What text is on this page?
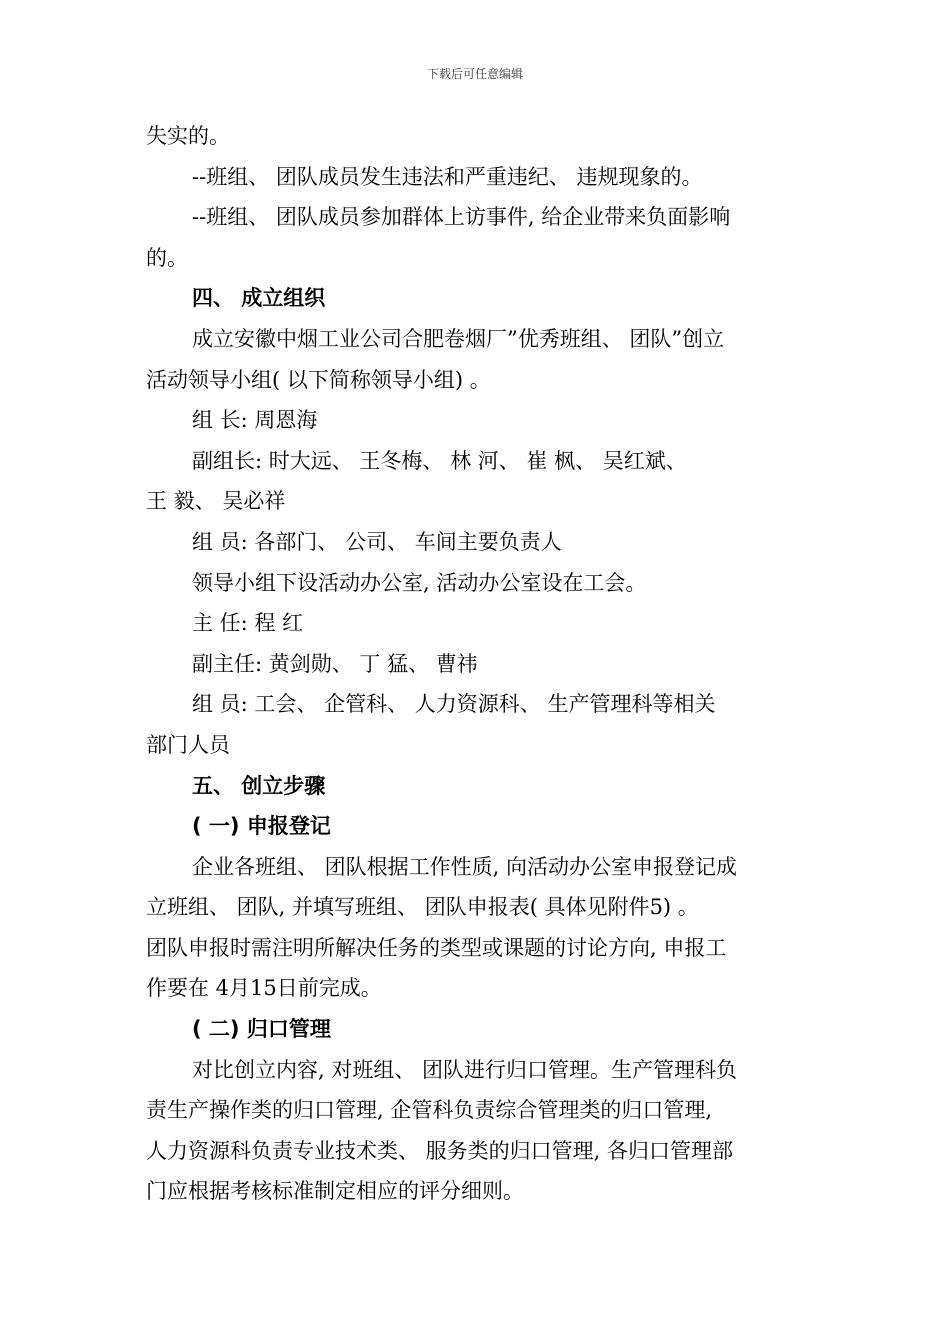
下载后可任意编辑
失实的。
--班组、 团队成员发生违法和严重违纪、 违规现象的。
--班组、 团队成员参加群体上访事件, 给企业带来负面影响
的。
四、 成立组织
成立安徽中烟工业公司合肥卷烟厂”优秀班组、 团队”创立
活动领导小组( 以下简称领导小组) 。
组 长: 周恩海
副组长: 时大远、 王冬梅、 林 河、 崔 枫、 吴红斌、
王 毅、 吴必祥
组 员: 各部门、 公司、 车间主要负责人
领导小组下设活动办公室, 活动办公室设在工会。
主 任: 程 红
副主任: 黄剑勋、 丁 猛、 曹祎
组 员: 工会、 企管科、 人力资源科、 生产管理科等相关
部门人员
五、 创立步骤
( 一) 申报登记
企业各班组、 团队根据工作性质, 向活动办公室申报登记成
立班组、 团队, 并填写班组、 团队申报表( 具体见附件5) 。
团队申报时需注明所解决任务的类型或课题的讨论方向, 申报工
作要在 4月15日前完成。
( 二) 归口管理
对比创立内容, 对班组、 团队进行归口管理。生产管理科负
责生产操作类的归口管理, 企管科负责综合管理类的归口管理,
人力资源科负责专业技术类、 服务类的归口管理, 各归口管理部
门应根据考核标准制定相应的评分细则。
